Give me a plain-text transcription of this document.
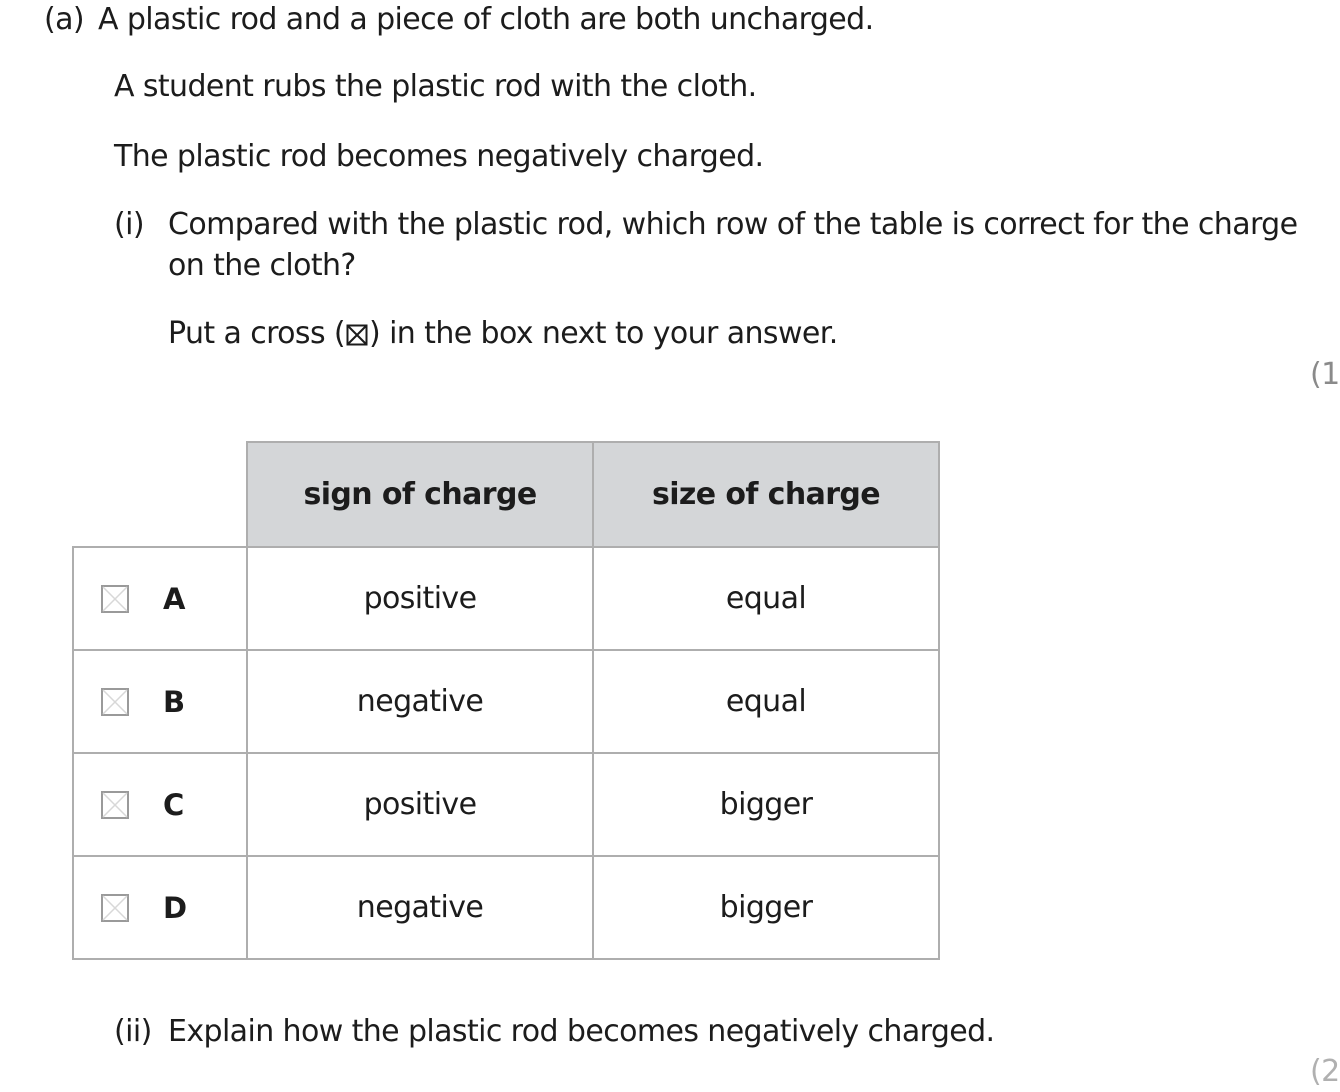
(a) A plastic rod and a piece of cloth are both uncharged.
A student rubs the plastic rod with the cloth.
The plastic rod becomes negatively charged.
(i) Compared with the plastic rod, which row of the table is correct for the charge
on the cloth?
Put a cross (☒) in the box next to your answer.
(1
	sign of charge	size of charge

A	positive	equal

B	negative	equal

C	positive	bigger

D	negative	bigger
(ii) Explain how the plastic rod becomes negatively charged.
(2
